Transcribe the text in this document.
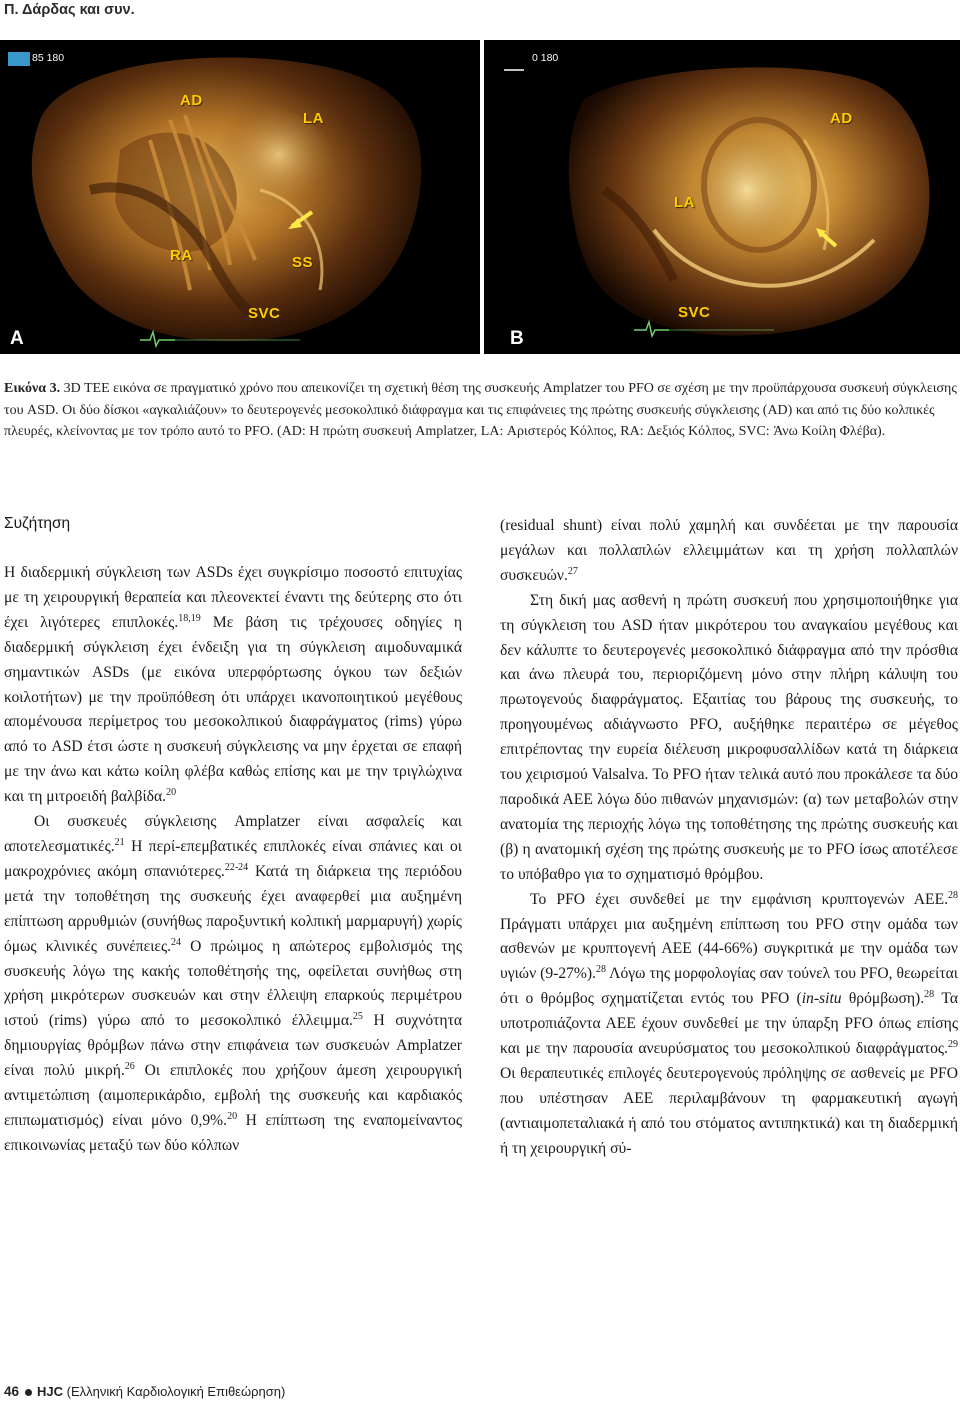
Π. Δάρδας και συν.
85 180
AD
LA
RA	SS
SVC
A
0 180
AD
LA
SVC
B
Εικόνα 3. 3D TEE εικόνα σε πραγματικό χρόνο που απεικονίζει τη σχετική θέση της συσκευής Amplatzer του PFO σε σχέση με την προϋπάρχουσα συσκευή σύγκλεισης του ASD. Οι δύο δίσκοι «αγκαλιάζουν» το δευτερογενές μεσοκολπικό διάφραγμα και τις επιφάνειες της πρώτης συσκευής σύγκλεισης (AD) και από τις δύο κολπικές πλευρές, κλείνοντας με τον τρόπο αυτό το PFO. (AD: Η πρώτη συσκευή Amplatzer, LA: Αριστερός Κόλπος, RA: Δεξιός Κόλπος, SVC: Άνω Κοίλη Φλέβα).

Συζήτηση

Η διαδερμική σύγκλειση των ASDs έχει συγκρίσιμο ποσοστό επιτυχίας με τη χειρουργική θεραπεία και πλεονεκτεί έναντι της δεύτερης στο ότι έχει λιγότερες επιπλοκές.$^{18,19}$ Με βάση τις τρέχουσες οδηγίες η διαδερμική σύγκλειση έχει ένδειξη για τη σύγκλειση αιμοδυναμικά σημαντικών ASDs (με εικόνα υπερφόρτωσης όγκου των δεξιών κοιλοτήτων) με την προϋπόθεση ότι υπάρχει ικανοποιητικού μεγέθους απομένουσα περίμετρος του μεσοκολπικού διαφράγματος (rims) γύρω από το ASD έτσι ώστε η συσκευή σύγκλεισης να μην έρχεται σε επαφή με την άνω και κάτω κοίλη φλέβα καθώς επίσης και με την τριγλώχινα και τη μιτροειδή βαλβίδα.$^{20}$

Οι συσκευές σύγκλεισης Amplatzer είναι ασφαλείς και αποτελεσματικές.$^{21}$ Η περί-επεμβατικές επιπλοκές είναι σπάνιες και οι μακροχρόνιες ακόμη σπανιότερες.$^{22-24}$ Κατά τη διάρκεια της περιόδου μετά την τοποθέτηση της συσκευής έχει αναφερθεί μια αυξημένη επίπτωση αρρυθμιών (συνήθως παροξυντική κολπική μαρμαρυγή) χωρίς όμως κλινικές συνέπειες.$^{24}$ Ο πρώιμος η απώτερος εμβολισμός της συσκευής λόγω της κακής τοποθέτησής της, οφείλεται συνήθως στη χρήση μικρότερων συσκευών και στην έλλειψη επαρκούς περιμέτρου ιστού (rims) γύρω από το μεσοκολπικό έλλειμμα.$^{25}$ Η συχνότητα δημιουργίας θρόμβων πάνω στην επιφάνεια των συσκευών Amplatzer είναι πολύ μικρή.$^{26}$ Οι επιπλοκές που χρήζουν άμεση χειρουργική αντιμετώπιση (αιμοπερικάρδιο, εμβολή της συσκευής και καρδιακός επιπωματισμός) είναι μόνο 0,9%.$^{20}$ Η επίπτωση της εναπομείναντος επικοινωνίας μεταξύ των δύο κόλπων

(residual shunt) είναι πολύ χαμηλή και συνδέεται με την παρουσία μεγάλων και πολλαπλών ελλειμμάτων και τη χρήση πολλαπλών συσκευών.$^{27}$

Στη δική μας ασθενή η πρώτη συσκευή που χρησιμοποιήθηκε για τη σύγκλειση του ASD ήταν μικρότερου του αναγκαίου μεγέθους και δεν κάλυπτε το δευτερογενές μεσοκολπικό διάφραγμα από την πρόσθια και άνω πλευρά του, περιοριζόμενη μόνο στην πλήρη κάλυψη του πρωτογενούς διαφράγματος. Εξαιτίας του βάρους της συσκευής, το προηγουμένως αδιάγνωστο PFO, αυξήθηκε περαιτέρω σε μέγεθος επιτρέποντας την ευρεία διέλευση μικροφυσαλλίδων κατά τη διάρκεια του χειρισμού Valsalva. Το PFO ήταν τελικά αυτό που προκάλεσε τα δύο παροδικά ΑΕΕ λόγω δύο πιθανών μηχανισμών: (α) των μεταβολών στην ανατομία της περιοχής λόγω της τοποθέτησης της πρώτης συσκευής και (β) η ανατομική σχέση της πρώτης συσκευής με το PFO ίσως αποτέλεσε το υπόβαθρο για το σχηματισμό θρόμβου.

Το PFO έχει συνδεθεί με την εμφάνιση κρυπτογενών ΑΕΕ.$^{28}$ Πράγματι υπάρχει μια αυξημένη επίπτωση του PFO στην ομάδα των ασθενών με κρυπτογενή ΑΕΕ (44-66%) συγκριτικά με την ομάδα των υγιών (9-27%).$^{28}$ Λόγω της μορφολογίας σαν τούνελ του PFO, θεωρείται ότι ο θρόμβος σχηματίζεται εντός του PFO (in-situ θρόμβωση).$^{28}$ Τα υποτροπιάζοντα ΑΕΕ έχουν συνδεθεί με την ύπαρξη PFO όπως επίσης και με την παρουσία ανευρύσματος του μεσοκολπικού διαφράγματος.$^{29}$ Οι θεραπευτικές επιλογές δευτερογενούς πρόληψης σε ασθενείς με PFO που υπέστησαν ΑΕΕ περιλαμβάνουν τη φαρμακευτική αγωγή (αντιαιμοπεταλιακά ή από του στόματος αντιπηκτικά) και τη διαδερμική ή τη χειρουργική σύ-

46 HJC (Ελληνική Καρδιολογική Επιθεώρηση)
